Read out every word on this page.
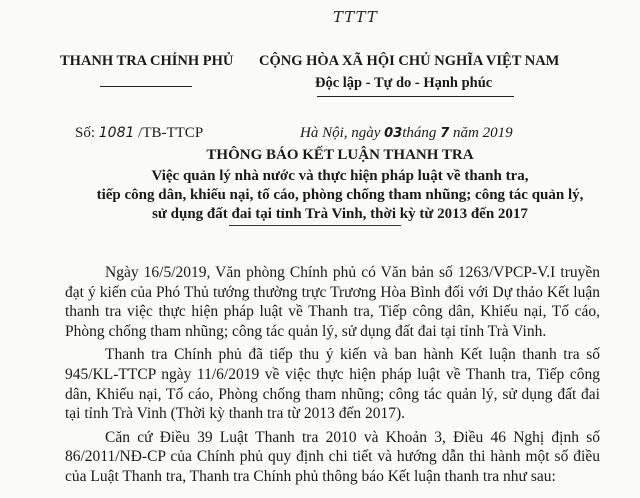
TTTT
THANH TRA CHÍNH PHỦ CỘNG HÒA XÃ HỘI CHỦ NGHĨA VIỆT NAM
Độc lập - Tự do - Hạnh phúc
Số: 1081 /TB-TTCP	Hà Nội, ngày 03tháng 7 năm 2019
THÔNG BÁO KẾT LUẬN THANH TRA
Việc quản lý nhà nước và thực hiện pháp luật về thanh tra,
tiếp công dân, khiếu nại, tố cáo, phòng chống tham nhũng; công tác quản lý,
sử dụng đất đai tại tỉnh Trà Vinh, thời kỳ từ 2013 đến 2017

Ngày 16/5/2019, Văn phòng Chính phủ có Văn bản số 1263/VPCP-V.I truyền đạt ý kiến của Phó Thủ tướng thường trực Trương Hòa Bình đối với Dự thảo Kết luận thanh tra việc thực hiện pháp luật về Thanh tra, Tiếp công dân, Khiếu nại, Tố cáo, Phòng chống tham nhũng; công tác quản lý, sử dụng đất đai tại tỉnh Trà Vinh.

Thanh tra Chính phủ đã tiếp thu ý kiến và ban hành Kết luận thanh tra số 945/KL-TTCP ngày 11/6/2019 về việc thực hiện pháp luật về Thanh tra, Tiếp công dân, Khiếu nại, Tố cáo, Phòng chống tham nhũng; công tác quản lý, sử dụng đất đai tại tỉnh Trà Vinh (Thời kỳ thanh tra từ 2013 đến 2017).

Căn cứ Điều 39 Luật Thanh tra 2010 và Khoản 3, Điều 46 Nghị định số 86/2011/NĐ-CP của Chính phủ quy định chi tiết và hướng dẫn thi hành một số điều của Luật Thanh tra, Thanh tra Chính phủ thông báo Kết luận thanh tra như sau:
